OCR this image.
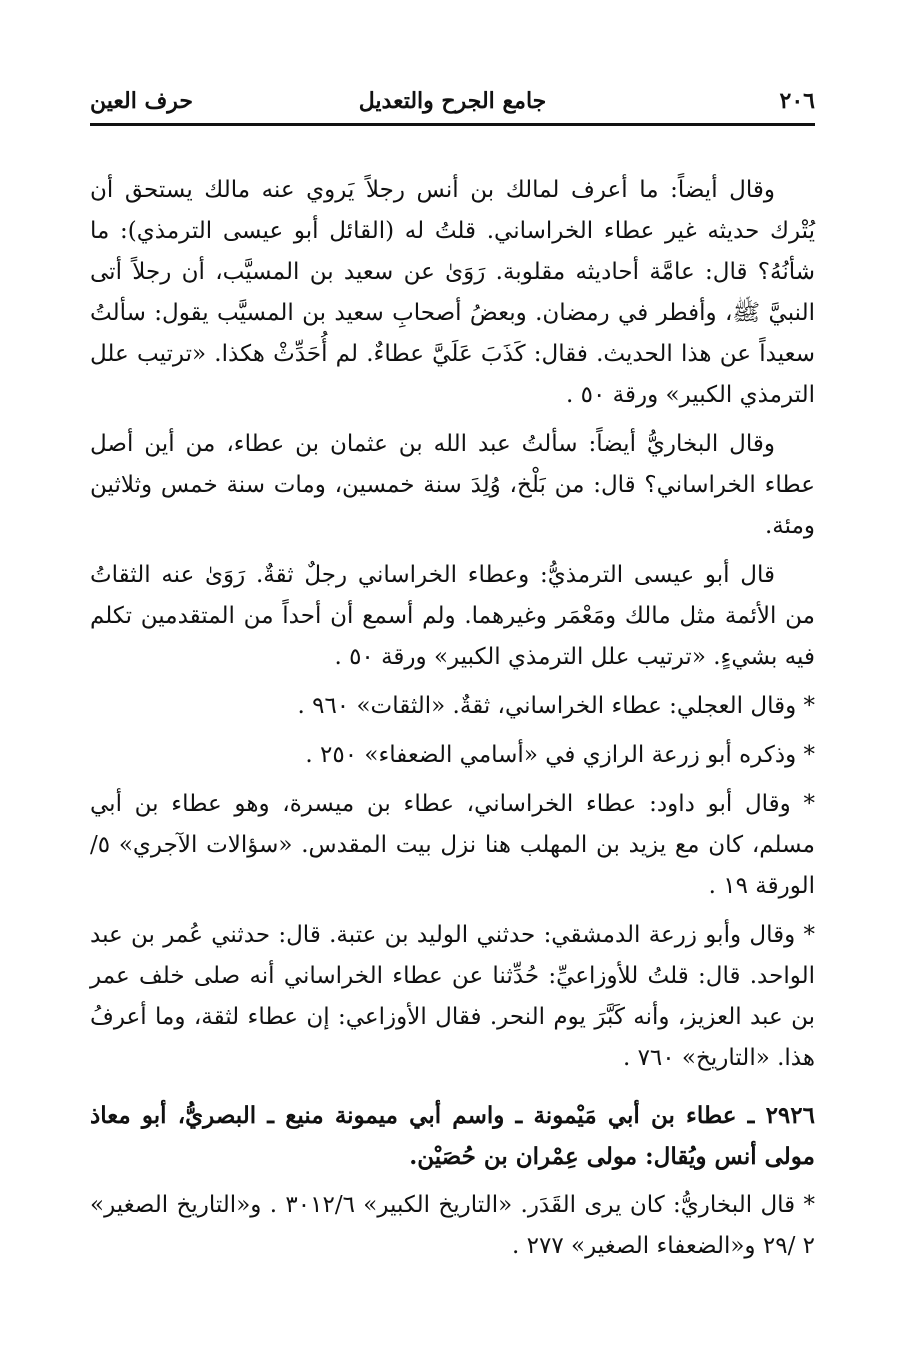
٢٠٦
جامع الجرح والتعديل
حرف العين

وقال أيضاً: ما أعرف لمالك بن أنس رجلاً يَروي عنه مالك يستحق أن يُتْرك حديثه غير عطاء الخراساني. قلتُ له (القائل أبو عيسى الترمذي): ما شأنُهُ؟ قال: عامَّة أحاديثه مقلوبة. رَوَىٰ عن سعيد بن المسيَّب، أن رجلاً أتى النبيَّ ﷺ، وأفطر في رمضان. وبعضُ أصحابِ سعيد بن المسيَّب يقول: سألتُ سعيداً عن هذا الحديث. فقال: كَذَبَ عَلَيَّ عطاءٌ. لم أُحَدِّثْ هكذا. «ترتيب علل الترمذي الكبير» ورقة ٥٠ .

وقال البخاريُّ أيضاً: سألتُ عبد الله بن عثمان بن عطاء، من أين أصل عطاء الخراساني؟ قال: من بَلْخ، وُلِدَ سنة خمسين، ومات سنة خمس وثلاثين ومئة.

قال أبو عيسى الترمذيُّ: وعطاء الخراساني رجلٌ ثقةٌ. رَوَىٰ عنه الثقاتُ من الأئمة مثل مالك ومَعْمَر وغيرهما. ولم أسمع أن أحداً من المتقدمين تكلم فيه بشيءٍ. «ترتيب علل الترمذي الكبير» ورقة ٥٠ .

* وقال العجلي: عطاء الخراساني، ثقةٌ. «الثقات» ٩٦٠ .

* وذكره أبو زرعة الرازي في «أسامي الضعفاء» ٢٥٠ .

* وقال أبو داود: عطاء الخراساني، عطاء بن ميسرة، وهو عطاء بن أبي مسلم، كان مع يزيد بن المهلب هنا نزل بيت المقدس. «سؤالات الآجري» ٥/الورقة ١٩ .

* وقال وأبو زرعة الدمشقي: حدثني الوليد بن عتبة. قال: حدثني عُمر بن عبد الواحد. قال: قلتُ للأوزاعيِّ: حُدِّثنا عن عطاء الخراساني أنه صلى خلف عمر بن عبد العزيز، وأنه كَبَّرَ يوم النحر. فقال الأوزاعي: إن عطاء لثقة، وما أعرفُ هذا. «التاريخ» ٧٦٠ .

٢٩٢٦ ـ عطاء بن أبي مَيْمونة ـ واسم أبي ميمونة منيع ـ البصريُّ، أبو معاذ مولى أنس ويُقال: مولى عِمْران بن حُصَيْن.

* قال البخاريُّ: كان يرى القَدَر. «التاريخ الكبير» ٣٠١٢/٦ . و«التاريخ الصغير» ٢ /٢٩ و«الضعفاء الصغير» ٢٧٧ .
